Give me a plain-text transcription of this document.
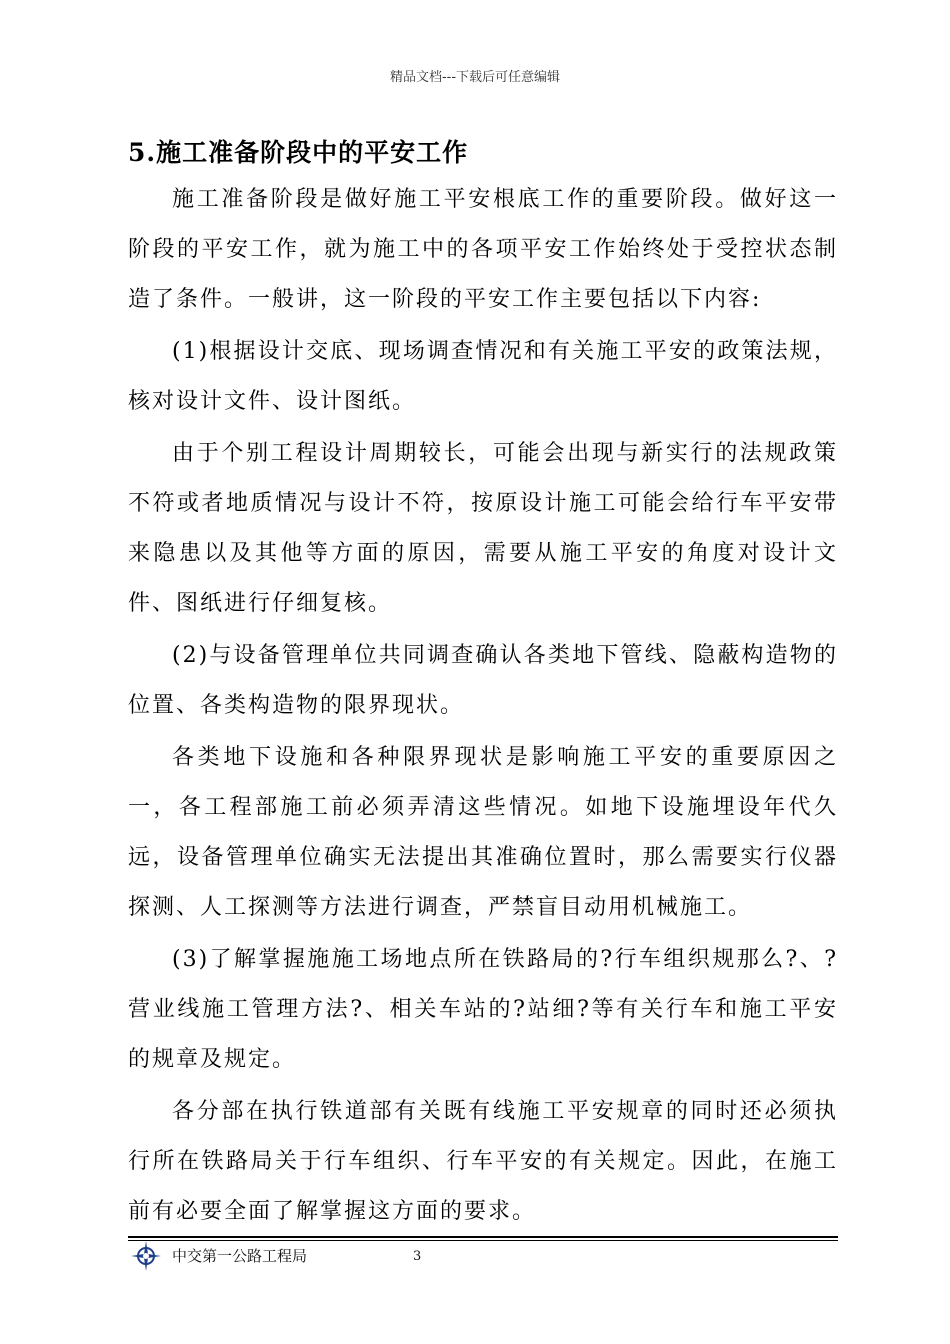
精品文档---下载后可任意编辑
5.施工准备阶段中的平安工作

施工准备阶段是做好施工平安根底工作的重要阶段。做好这一阶段的平安工作，就为施工中的各项平安工作始终处于受控状态制造了条件。一般讲，这一阶段的平安工作主要包括以下内容:

(1)根据设计交底、现场调查情况和有关施工平安的政策法规，核对设计文件、设计图纸。

由于个别工程设计周期较长，可能会出现与新实行的法规政策不符或者地质情况与设计不符，按原设计施工可能会给行车平安带来隐患以及其他等方面的原因，需要从施工平安的角度对设计文件、图纸进行仔细复核。

(2)与设备管理单位共同调查确认各类地下管线、隐蔽构造物的位置、各类构造物的限界现状。

各类地下设施和各种限界现状是影响施工平安的重要原因之一，各工程部施工前必须弄清这些情况。如地下设施埋设年代久远，设备管理单位确实无法提出其准确位置时，那么需要实行仪器探测、人工探测等方法进行调查，严禁盲目动用机械施工。

(3)了解掌握施施工场地点所在铁路局的?行车组织规那么?、?营业线施工管理方法?、相关车站的?站细?等有关行车和施工平安的规章及规定。

各分部在执行铁道部有关既有线施工平安规章的同时还必须执行所在铁路局关于行车组织、行车平安的有关规定。因此，在施工前有必要全面了解掌握这方面的要求。

中交第一公路工程局	3
